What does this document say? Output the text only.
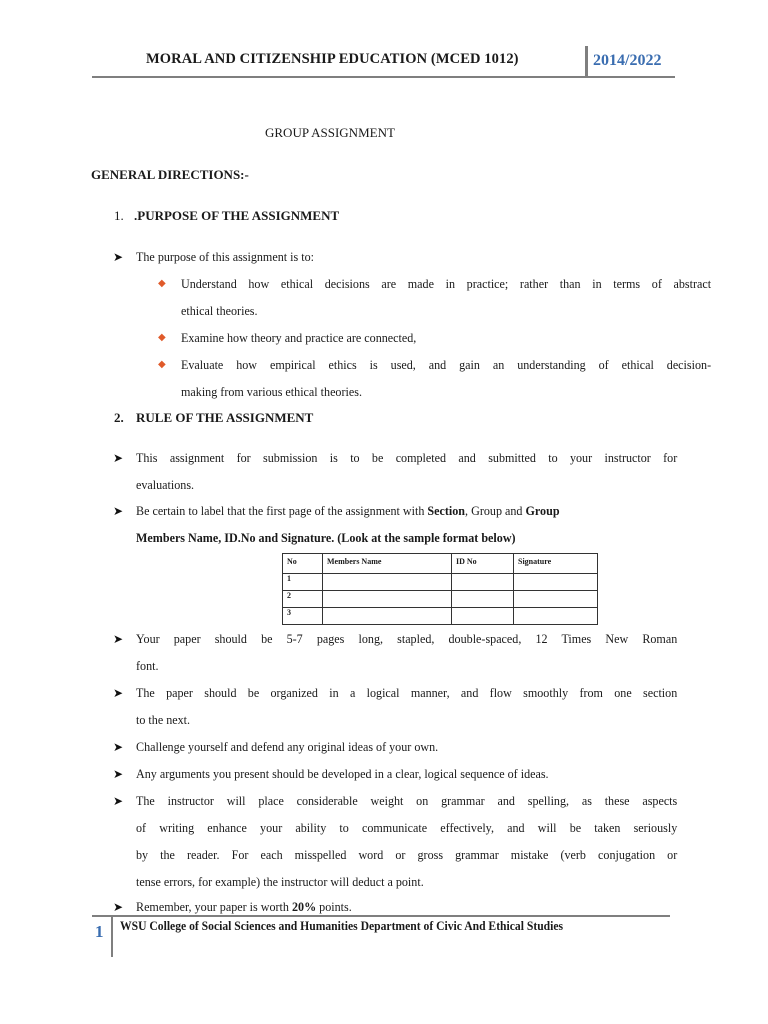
MORAL AND CITIZENSHIP EDUCATION (MCED 1012)	2014/2022
GROUP ASSIGNMENT
GENERAL DIRECTIONS:-
1. .PURPOSE OF THE ASSIGNMENT
➤ The purpose of this assignment is to:
◆ Understand how ethical decisions are made in practice; rather than in terms of abstract
ethical theories.
◆ Examine how theory and practice are connected,
◆ Evaluate how empirical ethics is used, and gain an understanding of ethical decision-
making from various ethical theories.
2. RULE OF THE ASSIGNMENT
➤ This assignment for submission is to be completed and submitted to your instructor for
evaluations.
➤ Be certain to label that the first page of the assignment with Section, Group and Group
Members Name, ID.No and Signature. (Look at the sample format below)
No	Members Name	ID No	Signature
1			
2			
3			
➤ Your paper should be 5-7 pages long, stapled, double-spaced, 12 Times New Roman
font.
➤ The paper should be organized in a logical manner, and flow smoothly from one section
to the next.
➤ Challenge yourself and defend any original ideas of your own.
➤ Any arguments you present should be developed in a clear, logical sequence of ideas.
➤ The instructor will place considerable weight on grammar and spelling, as these aspects
of writing enhance your ability to communicate effectively, and will be taken seriously
by the reader. For each misspelled word or gross grammar mistake (verb conjugation or
tense errors, for example) the instructor will deduct a point.
➤ Remember, your paper is worth 20% points.
1 WSU College of Social Sciences and Humanities Department of Civic And Ethical Studies
